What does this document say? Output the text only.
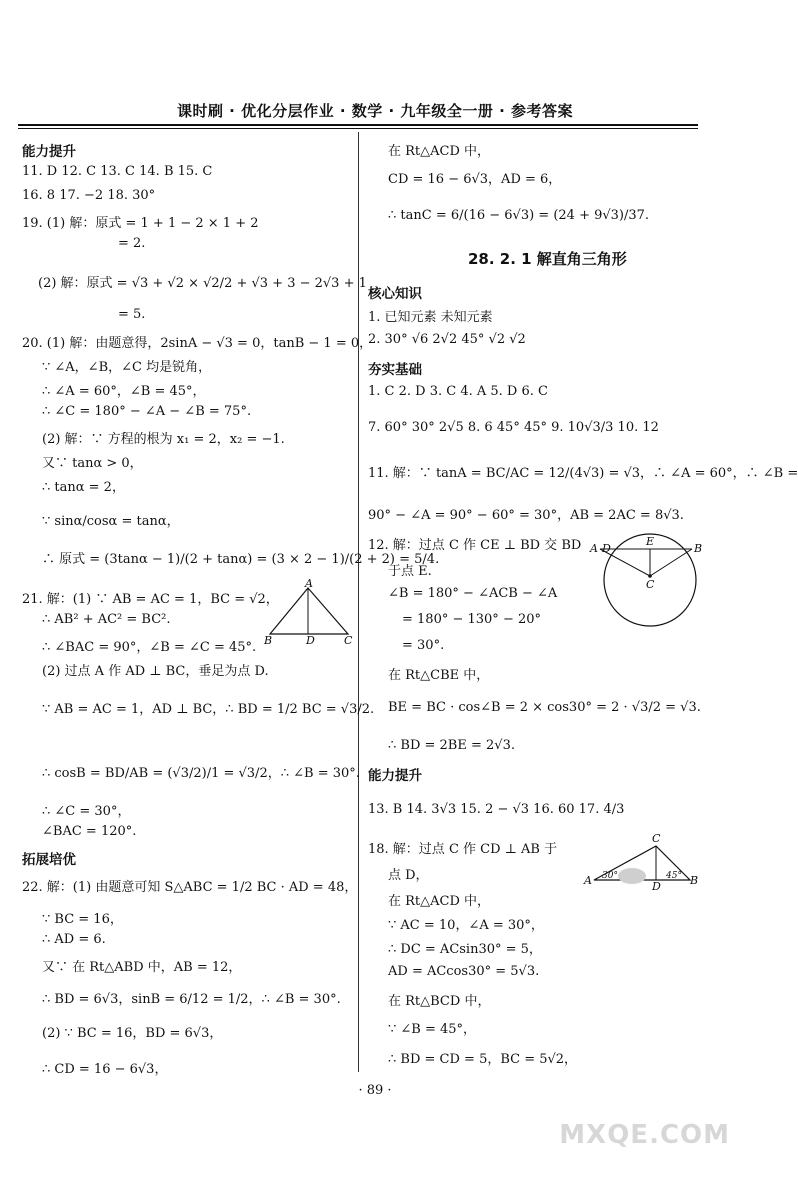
课时刷 · 优化分层作业 · 数学 · 九年级全一册 · 参考答案
能力提升
11. D 12. C 13. C 14. B 15. C
16. 8 17. −2 18. 30°
19. (1) 解：原式 = 1 + 1 − 2 × 1 + 2
= 2.
(2) 解：原式 = √3 + √2 × √2/2 + √3 + 3 − 2√3 + 1
= 5.
20. (1) 解：由题意得，2sinA − √3 = 0，tanB − 1 = 0，
∵ ∠A，∠B，∠C 均是锐角，
∴ ∠A = 60°，∠B = 45°，
∴ ∠C = 180° − ∠A − ∠B = 75°.
(2) 解：∵ 方程的根为 x₁ = 2，x₂ = −1.
又∵ tanα > 0，
∴ tanα = 2，
∵ sinα/cosα = tanα，
∴ 原式 = (3tanα − 1)/(2 + tanα) = (3 × 2 − 1)/(2 + 2) = 5/4.
21. 解：(1) ∵ AB = AC = 1，BC = √2，
∴ AB² + AC² = BC².
∴ ∠BAC = 90°，∠B = ∠C = 45°.
(2) 过点 A 作 AD ⊥ BC，垂足为点 D.
∵ AB = AC = 1，AD ⊥ BC，∴ BD = 1/2 BC = √3/2.
∴ cosB = BD/AB = (√3/2)/1 = √3/2，∴ ∠B = 30°.
∴ ∠C = 30°，
∠BAC = 120°.
拓展培优
22. 解：(1) 由题意可知 S△ABC = 1/2 BC · AD = 48，
∵ BC = 16，
∴ AD = 6.
又∵ 在 Rt△ABD 中，AB = 12，
∴ BD = 6√3，sinB = 6/12 = 1/2，∴ ∠B = 30°.
(2) ∵ BC = 16，BD = 6√3，
∴ CD = 16 − 6√3，
在 Rt△ACD 中，
CD = 16 − 6√3，AD = 6，
∴ tanC = 6/(16 − 6√3) = (24 + 9√3)/37.
28. 2. 1 解直角三角形
核心知识
1. 已知元素 未知元素
2. 30° √6 2√2 45° √2 √2
夯实基础
1. C 2. D 3. C 4. A 5. D 6. C
7. 60° 30° 2√5 8. 6 45° 45° 9. 10√3/3 10. 12
11. 解：∵ tanA = BC/AC = 12/(4√3) = √3，∴ ∠A = 60°，∴ ∠B =
90° − ∠A = 90° − 60° = 30°，AB = 2AC = 8√3.
12. 解：过点 C 作 CE ⊥ BD 交 BD
于点 E.
∠B = 180° − ∠ACB − ∠A
= 180° − 130° − 20°
= 30°.
在 Rt△CBE 中，
BE = BC · cos∠B = 2 × cos30° = 2 · √3/2 = √3.
∴ BD = 2BE = 2√3.
能力提升
13. B 14. 3√3 15. 2 − √3 16. 60 17. 4/3
18. 解：过点 C 作 CD ⊥ AB 于
点 D，
在 Rt△ACD 中，
∵ AC = 10，∠A = 30°，
∴ DC = ACsin30° = 5，
AD = ACcos30° = 5√3.
在 Rt△BCD 中，
∵ ∠B = 45°，
∴ BD = CD = 5，BC = 5√2，
A
B	D	C
A D
E
B
C
C
A	D	B
30°	45°
· 89 ·
MXQE.COM
